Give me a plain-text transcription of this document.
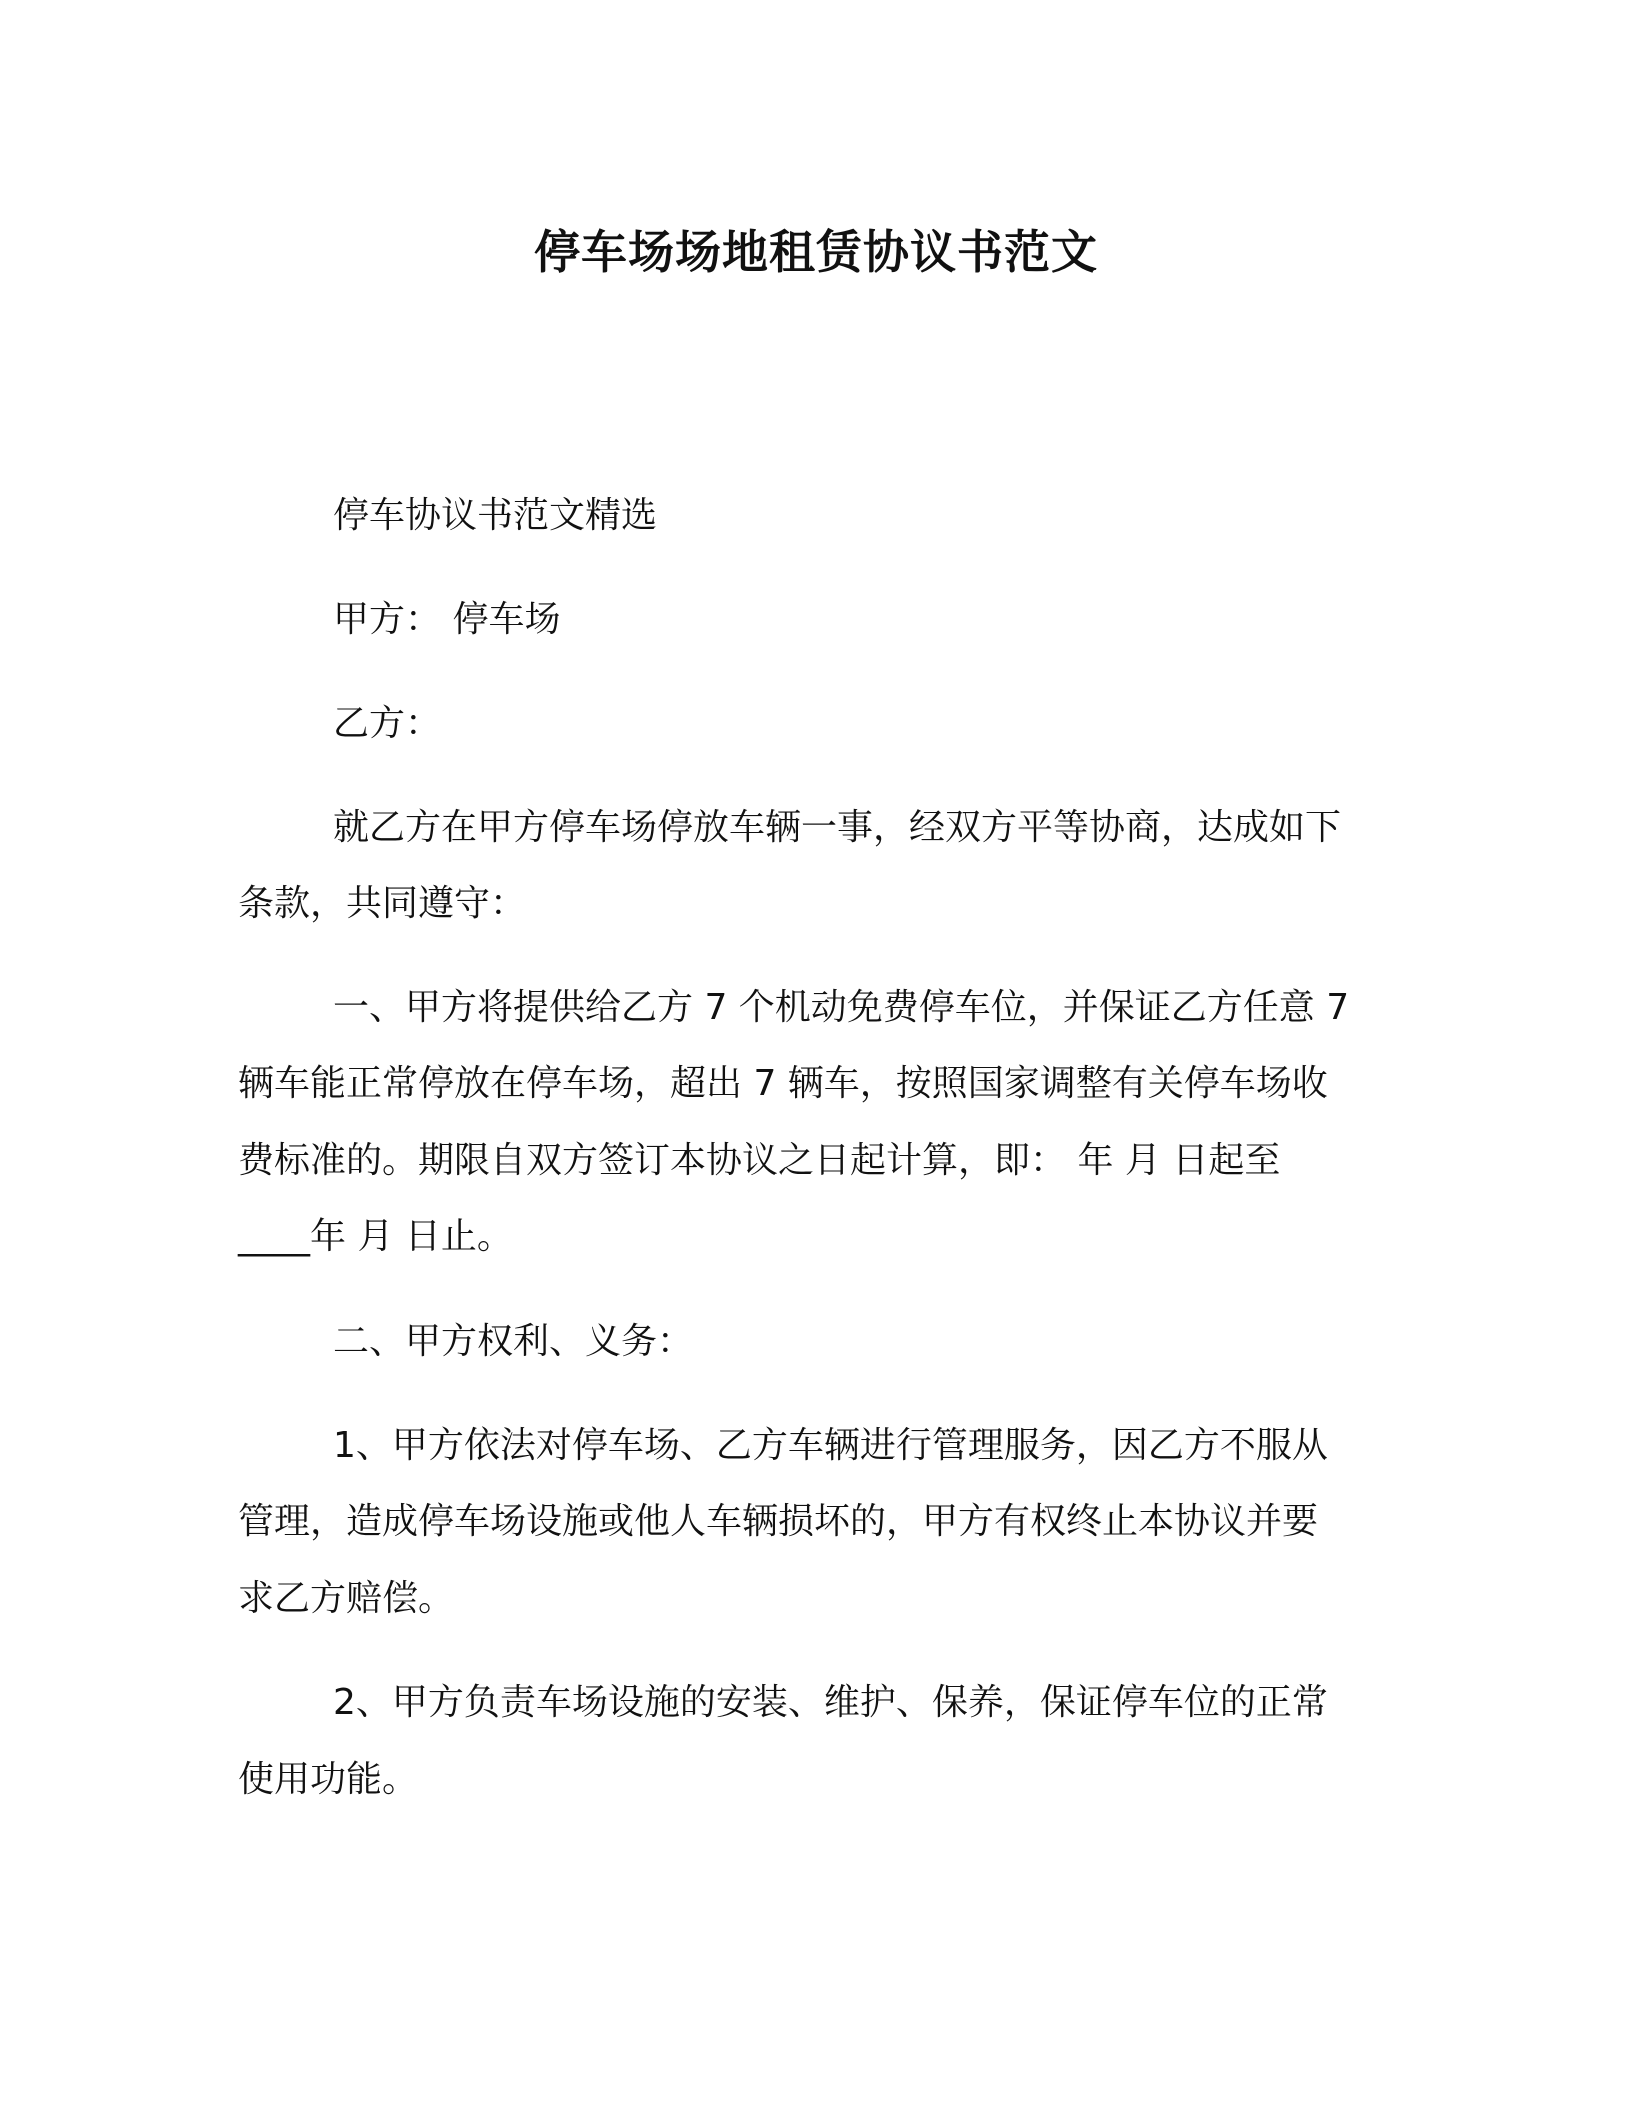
停车场场地租赁协议书范文

停车协议书范文精选

甲方： 停车场

乙方：

就乙方在甲方停车场停放车辆一事，经双方平等协商，达成如下

条款，共同遵守：

一、甲方将提供给乙方 7 个机动免费停车位，并保证乙方任意 7

辆车能正常停放在停车场，超出 7 辆车，按照国家调整有关停车场收

费标准的。期限自双方签订本协议之日起计算，即： 年 月 日起至

____年 月 日止。

二、甲方权利、义务：

1、甲方依法对停车场、乙方车辆进行管理服务，因乙方不服从

管理，造成停车场设施或他人车辆损坏的，甲方有权终止本协议并要

求乙方赔偿。

2、甲方负责车场设施的安装、维护、保养，保证停车位的正常

使用功能。
